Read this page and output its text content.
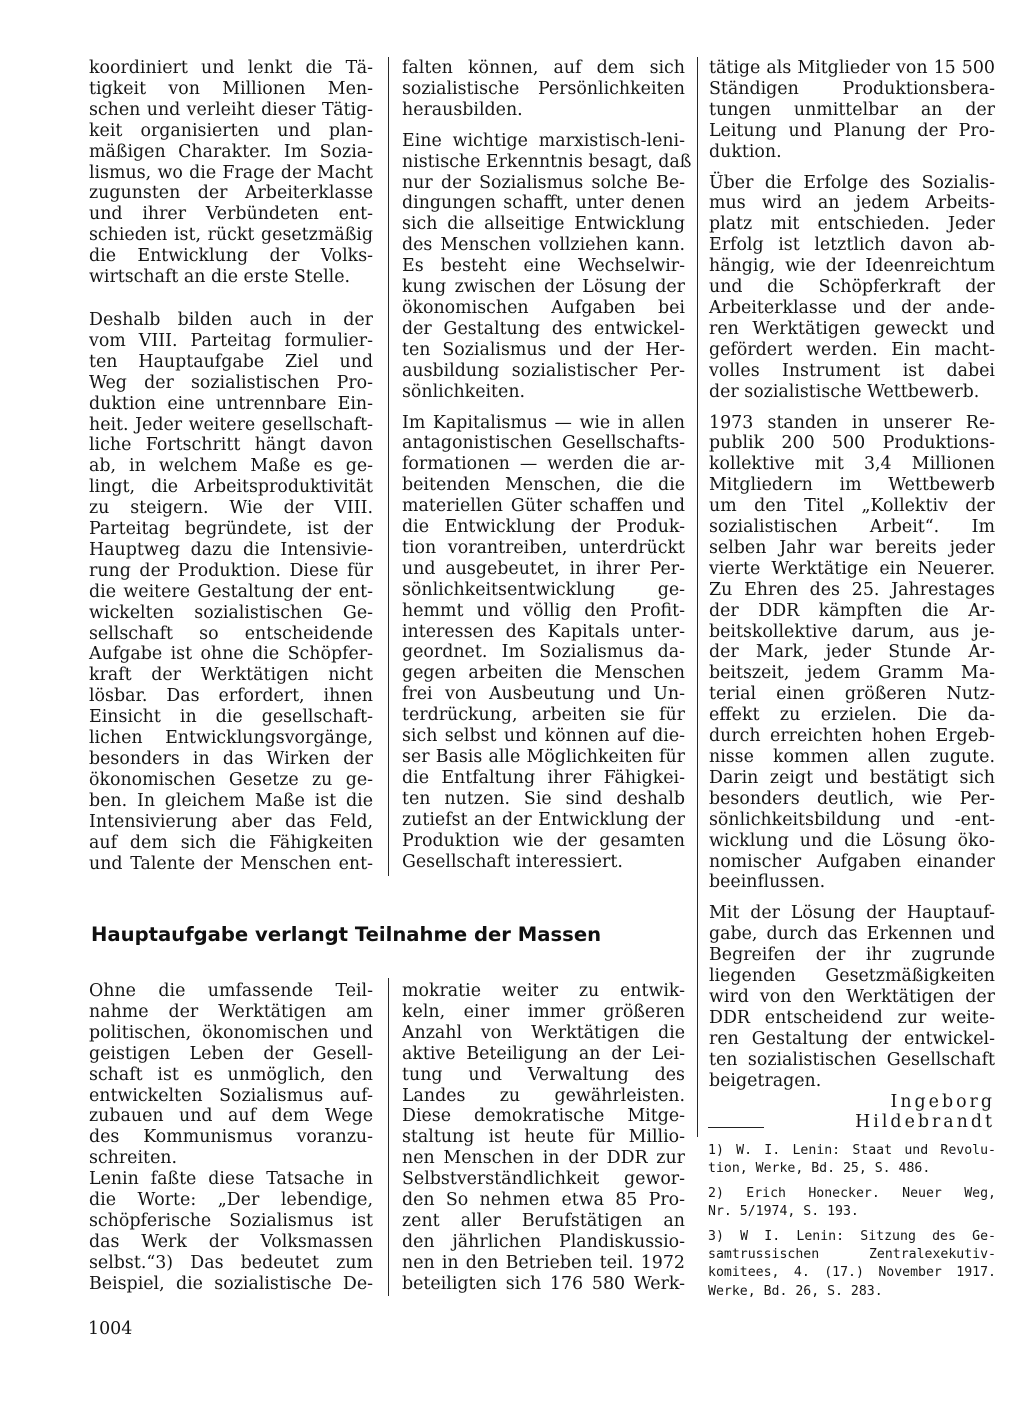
koordiniert und lenkt die Tä-
tigkeit von Millionen Men-
schen und verleiht dieser Tätig-
keit organisierten und plan-
mäßigen Charakter. Im Sozia-
lismus, wo die Frage der Macht
zugunsten der Arbeiterklasse
und ihrer Verbündeten ent-
schieden ist, rückt gesetzmäßig
die Entwicklung der Volks-
wirtschaft an die erste Stelle.
Deshalb bilden auch in der
vom VIII. Parteitag formulier-
ten Hauptaufgabe Ziel und
Weg der sozialistischen Pro-
duktion eine untrennbare Ein-
heit. Jeder weitere gesellschaft-
liche Fortschritt hängt davon
ab, in welchem Maße es ge-
lingt, die Arbeitsproduktivität
zu steigern. Wie der VIII.
Parteitag begründete, ist der
Hauptweg dazu die Intensivie-
rung der Produktion. Diese für
die weitere Gestaltung der ent-
wickelten sozialistischen Ge-
sellschaft so entscheidende
Aufgabe ist ohne die Schöpfer-
kraft der Werktätigen nicht
lösbar. Das erfordert, ihnen
Einsicht in die gesellschaft-
lichen Entwicklungsvorgänge,
besonders in das Wirken der
ökonomischen Gesetze zu ge-
ben. In gleichem Maße ist die
Intensivierung aber das Feld,
auf dem sich die Fähigkeiten
und Talente der Menschen ent-
falten können, auf dem sich
sozialistische Persönlichkeiten
herausbilden.
Eine wichtige marxistisch-leni-
nistische Erkenntnis besagt, daß
nur der Sozialismus solche Be-
dingungen schafft, unter denen
sich die allseitige Entwicklung
des Menschen vollziehen kann.
Es besteht eine Wechselwir-
kung zwischen der Lösung der
ökonomischen Aufgaben bei
der Gestaltung des entwickel-
ten Sozialismus und der Her-
ausbildung sozialistischer Per-
sönlichkeiten.
Im Kapitalismus — wie in allen
antagonistischen Gesellschafts-
formationen — werden die ar-
beitenden Menschen, die die
materiellen Güter schaffen und
die Entwicklung der Produk-
tion vorantreiben, unterdrückt
und ausgebeutet, in ihrer Per-
sönlichkeitsentwicklung ge-
hemmt und völlig den Profit-
interessen des Kapitals unter-
geordnet. Im Sozialismus da-
gegen arbeiten die Menschen
frei von Ausbeutung und Un-
terdrückung, arbeiten sie für
sich selbst und können auf die-
ser Basis alle Möglichkeiten für
die Entfaltung ihrer Fähigkei-
ten nutzen. Sie sind deshalb
zutiefst an der Entwicklung der
Produktion wie der gesamten
Gesellschaft interessiert.
tätige als Mitglieder von 15 500
Ständigen Produktionsbera-
tungen unmittelbar an der
Leitung und Planung der Pro-
duktion.
Über die Erfolge des Sozialis-
mus wird an jedem Arbeits-
platz mit entschieden. Jeder
Erfolg ist letztlich davon ab-
hängig, wie der Ideenreichtum
und die Schöpferkraft der
Arbeiterklasse und der ande-
ren Werktätigen geweckt und
gefördert werden. Ein macht-
volles Instrument ist dabei
der sozialistische Wettbewerb.
1973 standen in unserer Re-
publik 200 500 Produktions-
kollektive mit 3,4 Millionen
Mitgliedern im Wettbewerb
um den Titel „Kollektiv der
sozialistischen Arbeit“. Im
selben Jahr war bereits jeder
vierte Werktätige ein Neuerer.
Zu Ehren des 25. Jahrestages
der DDR kämpften die Ar-
beitskollektive darum, aus je-
der Mark, jeder Stunde Ar-
beitszeit, jedem Gramm Ma-
terial einen größeren Nutz-
effekt zu erzielen. Die da-
durch erreichten hohen Ergeb-
nisse kommen allen zugute.
Darin zeigt und bestätigt sich
besonders deutlich, wie Per-
sönlichkeitsbildung und -ent-
wicklung und die Lösung öko-
nomischer Aufgaben einander
beeinflussen.
Mit der Lösung der Hauptauf-
gabe, durch das Erkennen und
Begreifen der ihr zugrunde
liegenden Gesetzmäßigkeiten
wird von den Werktätigen der
DDR entscheidend zur weite-
ren Gestaltung der entwickel-
ten sozialistischen Gesellschaft
beigetragen.
Ingeborg
Hildebrandt
Hauptaufgabe verlangt Teilnahme der Massen
Ohne die umfassende Teil-
nahme der Werktätigen am
politischen, ökonomischen und
geistigen Leben der Gesell-
schaft ist es unmöglich, den
entwickelten Sozialismus auf-
zubauen und auf dem Wege
des Kommunismus voranzu-
schreiten.
Lenin faßte diese Tatsache in
die Worte: „Der lebendige,
schöpferische Sozialismus ist
das Werk der Volksmassen
selbst.“3) Das bedeutet zum
Beispiel, die sozialistische De-
mokratie weiter zu entwik-
keln, einer immer größeren
Anzahl von Werktätigen die
aktive Beteiligung an der Lei-
tung und Verwaltung des
Landes zu gewährleisten.
Diese demokratische Mitge-
staltung ist heute für Millio-
nen Menschen in der DDR zur
Selbstverständlichkeit gewor-
den So nehmen etwa 85 Pro-
zent aller Berufstätigen an
den jährlichen Plandiskussio-
nen in den Betrieben teil. 1972
beteiligten sich 176 580 Werk-
1) W. I. Lenin: Staat und Revolu-
tion, Werke, Bd. 25, S. 486.
2) Erich Honecker. Neuer Weg,
Nr. 5/1974, S. 193.
3) W I. Lenin: Sitzung des Ge-
samtrussischen Zentralexekutiv-
komitees, 4. (17.) November 1917.
Werke, Bd. 26, S. 283.
1004
